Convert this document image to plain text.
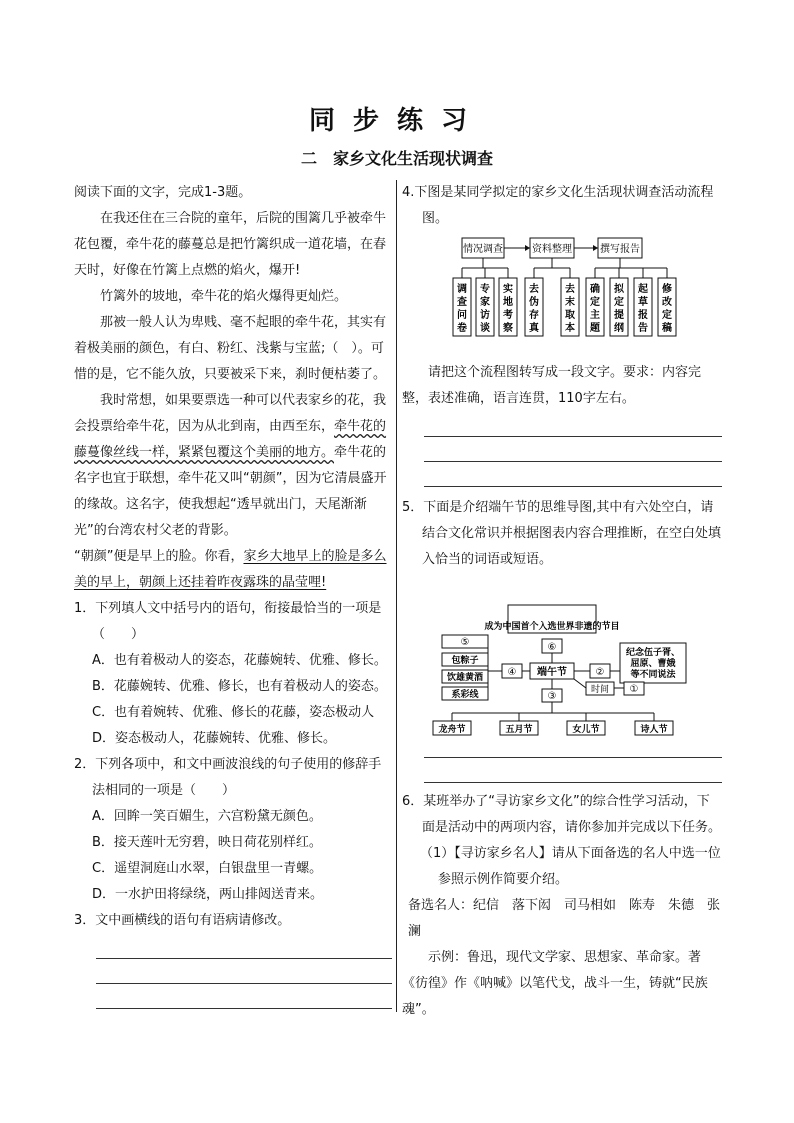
同步练习
二　家乡文化生活现状调查

阅读下面的文字，完成1-3题。

在我还住在三合院的童年，后院的围篱几乎被牵牛花包覆，牵牛花的藤蔓总是把竹篱织成一道花墙，在春天时，好像在竹篱上点燃的焰火，爆开!

竹篱外的坡地，牵牛花的焰火爆得更灿烂。

那被一般人认为卑贱、毫不起眼的牵牛花，其实有着极美丽的颜色，有白、粉红、浅紫与宝蓝;（　）。可惜的是，它不能久放，只要被采下来，刹时便枯萎了。

我时常想，如果要票选一种可以代表家乡的花，我会投票给牵牛花，因为从北到南，由西至东，牵牛花的藤蔓像丝线一样，紧紧包覆这个美丽的地方。牵牛花的名字也宜于联想，牵牛花又叫“朝颜”，因为它清晨盛开的缘故。这名字，使我想起“透早就出门，天尾渐渐光”的台湾农村父老的背影。

“朝颜”便是早上的脸。你看，家乡大地早上的脸是多么美的早上，朝颜上还挂着昨夜露珠的晶莹哩!

1．下列填人文中括号内的语句，衔接最恰当的一项是（　　）

A．也有着极动人的姿态，花藤婉转、优雅、修长。

B．花藤婉转、优雅、修长，也有着极动人的姿态。

C．也有着婉转、优雅、修长的花藤，姿态极动人

D．姿态极动人，花藤婉转、优雅、修长。

2．下列各项中，和文中画波浪线的句子使用的修辞手法相同的一项是（　　）

A．回眸一笑百媚生，六宫粉黛无颜色。

B．接天莲叶无穷碧，映日荷花别样红。

C．遥望洞庭山水翠，白银盘里一青螺。

D．一水护田将绿绕，两山排闼送青来。

3．文中画横线的语句有语病请修改。

4.下图是某同学拟定的家乡文化生活现状调查活动流程图。

情况调查	资料整理	撰写报告
调
查
问
卷
专
家
访
谈
实
地
考
察
去
伪
存
真
去
末
取
本
确
定
主
题
拟
定
提
纲
起
草
报
告
修
改
定
稿

请把这个流程图转写成一段文字。要求：内容完整，表述准确，语言连贯，110字左右。

5．下面是介绍端午节的思维导图,其中有六处空白，请结合文化常识并根据图表内容合理推断，在空白处填入恰当的词语或短语。

成为中国首个入选世界非遗的节目
⑥
端午节
④
⑤
包粽子
饮雄黄酒
系彩线
②
纪念伍子胥、
屈原、曹娥
等不同说法
时间 ①
③
龙舟节	五月节	女儿节	诗人节

6．某班举办了“寻访家乡文化”的综合性学习活动，下面是活动中的两项内容，请你参加并完成以下任务。

（1）【寻访家乡名人】请从下面备选的名人中选一位参照示例作简要介绍。

备选名人：纪信　落下闳　司马相如　陈寿　朱德　张澜

示例：鲁迅，现代文学家、思想家、革命家。著《彷徨》作《呐喊》以笔代戈，战斗一生，铸就“民族魂”。
